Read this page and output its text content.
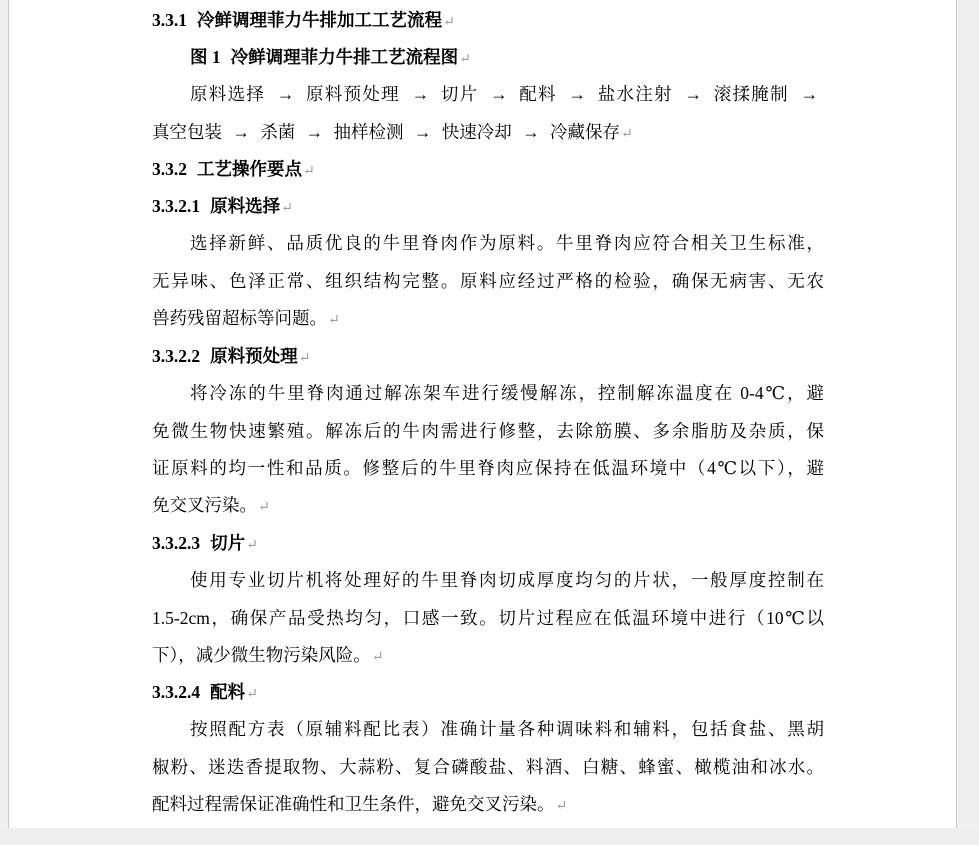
3.3.1 冷鲜调理菲力牛排加工工艺流程↵
图 1 冷鲜调理菲力牛排工艺流程图↵
原料选择 → 原料预处理 → 切片 → 配料 → 盐水注射 → 滚揉腌制 →
真空包装 → 杀菌 → 抽样检测 → 快速冷却 → 冷藏保存↵
3.3.2 工艺操作要点↵
3.3.2.1 原料选择↵
选择新鲜、品质优良的牛里脊肉作为原料。牛里脊肉应符合相关卫生标准，
无异味、色泽正常、组织结构完整。原料应经过严格的检验，确保无病害、无农
兽药残留超标等问题。↵
3.3.2.2 原料预处理↵
将冷冻的牛里脊肉通过解冻架车进行缓慢解冻，控制解冻温度在 0-4℃，避
免微生物快速繁殖。解冻后的牛肉需进行修整，去除筋膜、多余脂肪及杂质，保
证原料的均一性和品质。修整后的牛里脊肉应保持在低温环境中（4℃以下），避
免交叉污染。↵
3.3.2.3 切片↵
使用专业切片机将处理好的牛里脊肉切成厚度均匀的片状，一般厚度控制在
1.5-2cm，确保产品受热均匀，口感一致。切片过程应在低温环境中进行（10℃以
下），减少微生物污染风险。↵
3.3.2.4 配料↵
按照配方表（原辅料配比表）准确计量各种调味料和辅料，包括食盐、黑胡
椒粉、迷迭香提取物、大蒜粉、复合磷酸盐、料酒、白糖、蜂蜜、橄榄油和冰水。
配料过程需保证准确性和卫生条件，避免交叉污染。↵
